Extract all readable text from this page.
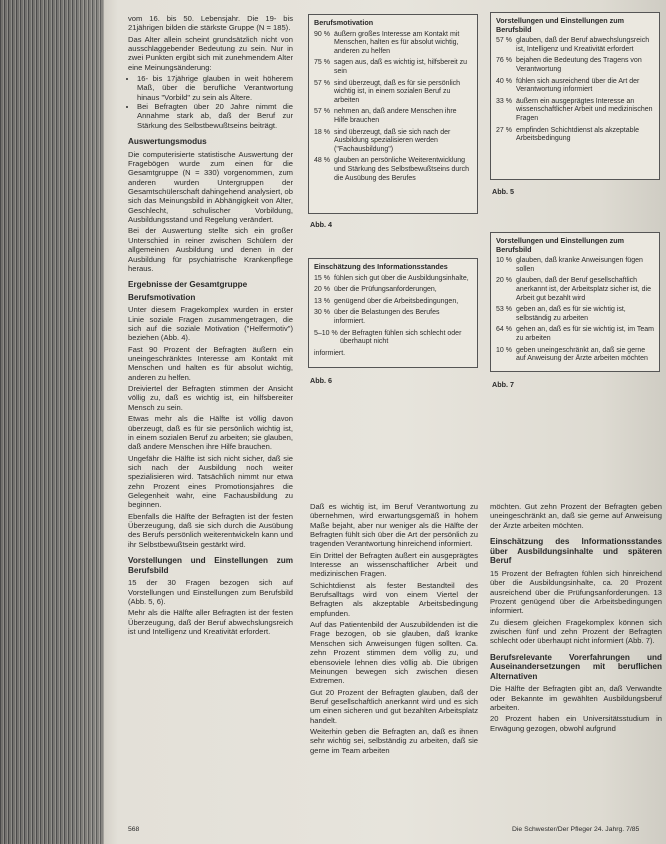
vom 16. bis 50. Lebensjahr. Die 19- bis 21jährigen bilden die stärkste Gruppe (N = 185).

Das Alter allein scheint grundsätzlich nicht von ausschlaggebender Bedeutung zu sein. Nur in zwei Punkten ergibt sich mit zunehmendem Alter eine Meinungsänderung:

• 16- bis 17jährige glauben in weit höherem Maß, über die berufliche Verantwortung hinaus "Vorbild" zu sein als Ältere.
• Bei Befragten über 20 Jahre nimmt die Annahme stark ab, daß der Beruf zur Stärkung des Selbstbewußtseins beiträgt.
Auswertungsmodus

Die computerisierte statistische Auswertung der Fragebögen wurde zum einen für die Gesamtgruppe (N = 330) vorgenommen, zum anderen wurden Untergruppen der Gesamtschülerschaft dahingehend analysiert, ob sich das Meinungsbild in Abhängigkeit von Alter, Geschlecht, schulischer Vorbildung, Ausbildungsstand und Regelung verändert.

Bei der Auswertung stellte sich ein großer Unterschied in reiner zwischen Schülern der allgemeinen Ausbildung und denen in der Ausbildung für psychiatrische Krankenpflege heraus.

Ergebnisse der Gesamtgruppe
Berufsmotivation

Unter diesem Fragekomplex wurden in erster Linie soziale Fragen zusammengetragen, die sich auf die soziale Motivation ("Helfermotiv") beziehen (Abb. 4).

Fast 90 Prozent der Befragten äußern ein uneingeschränktes Interesse am Kontakt mit Menschen und halten es für absolut wichtig, anderen zu helfen.

Dreiviertel der Befragten stimmen der Ansicht völlig zu, daß es wichtig ist, ein hilfsbereiter Mensch zu sein.

Etwas mehr als die Hälfte ist völlig davon überzeugt, daß es für sie persönlich wichtig ist, in einem sozialen Beruf zu arbeiten; sie glauben, daß andere Menschen ihre Hilfe brauchen.

Ungefähr die Hälfte ist sich nicht sicher, daß sie sich nach der Ausbildung noch weiter spezialisieren wird. Tatsächlich nimmt nur etwa zehn Prozent eines Promotionsjahres die Gelegenheit wahr, eine Fachausbildung zu beginnen.

Ebenfalls die Hälfte der Befragten ist der festen Überzeugung, daß sie sich durch die Ausübung des Berufs persönlich weiterentwickeln kann und ihr Selbstbewußtsein gestärkt wird.

Vorstellungen und Einstellungen zum Berufsbild

15 der 30 Fragen bezogen sich auf Vorstellungen und Einstellungen zum Berufsbild (Abb. 5, 6).

Mehr als die Hälfte aller Befragten ist der festen Überzeugung, daß der Beruf abwechslungsreich ist und Intelligenz und Kreativität erfordert.

Berufsmotivation
90 % äußern großes Interesse am Kontakt mit Menschen, halten es für absolut wichtig, anderen zu helfen
75 % sagen aus, daß es wichtig ist, hilfsbereit zu sein
57 % sind überzeugt, daß es für sie persönlich wichtig ist, in einem sozialen Beruf zu arbeiten
57 % nehmen an, daß andere Menschen ihre Hilfe brauchen
18 % sind überzeugt, daß sie sich nach der Ausbildung spezialisieren werden ("Fachausbildung")
48 % glauben an persönliche Weiterentwicklung und Stärkung des Selbstbewußtseins durch die Ausübung des Berufes
Abb. 4
Einschätzung des Informationsstandes
15 % fühlen sich gut über die Ausbildungsinhalte,
20 % über die Prüfungsanforderungen,
13 % genügend über die Arbeitsbedingungen,
30 % über die Belastungen des Berufes informiert.
5–10 % der Befragten fühlen sich schlecht oder überhaupt nicht
informiert.
Abb. 6
Vorstellungen und Einstellungen zum Berufsbild
57 % glauben, daß der Beruf abwechslungsreich ist, Intelligenz und Kreativität erfordert
76 % bejahen die Bedeutung des Tragens von Verantwortung
40 % fühlen sich ausreichend über die Art der Verantwortung informiert
33 % äußern ein ausgeprägtes Interesse an wissenschaftlicher Arbeit und medizinischen Fragen
27 % empfinden Schichtdienst als akzeptable Arbeitsbedingung
Abb. 5
Vorstellungen und Einstellungen zum Berufsbild
10 % glauben, daß kranke Anweisungen fügen sollen
20 % glauben, daß der Beruf gesellschaftlich anerkannt ist, der Arbeitsplatz sicher ist, die Arbeit gut bezahlt wird
53 % geben an, daß es für sie wichtig ist, selbständig zu arbeiten
64 % gehen an, daß es für sie wichtig ist, im Team zu arbeiten
10 % geben uneingeschränkt an, daß sie gerne auf Anweisung der Ärzte arbeiten möchten
Abb. 7

Daß es wichtig ist, im Beruf Verantwortung zu übernehmen, wird erwartungsgemäß in hohem Maße bejaht, aber nur weniger als die Hälfte der Befragten fühlt sich über die Art der persönlich zu tragenden Verantwortung hinreichend informiert.

Ein Drittel der Befragten äußert ein ausgeprägtes Interesse an wissenschaftlicher Arbeit und medizinischen Fragen.

Schichtdienst als fester Bestandteil des Berufsalltags wird von einem Viertel der Befragten als akzeptable Arbeitsbedingung empfunden.

Auf das Patientenbild der Auszubildenden ist die Frage bezogen, ob sie glauben, daß kranke Menschen sich Anweisungen fügen sollten. Ca. zehn Prozent stimmen dem völlig zu, und ebensoviele lehnen dies völlig ab. Die übrigen Meinungen bewegen sich zwischen diesen Extremen.

Gut 20 Prozent der Befragten glauben, daß der Beruf gesellschaftlich anerkannt wird und es sich um einen sicheren und gut bezahlten Arbeitsplatz handelt.

Weiterhin geben die Befragten an, daß es ihnen sehr wichtig sei, selbständig zu arbeiten, daß sie gerne im Team arbeiten

möchten. Gut zehn Prozent der Befragten geben uneingeschränkt an, daß sie gerne auf Anweisung der Ärzte arbeiten möchten.

Einschätzung des Informationsstandes über Ausbildungsinhalte und späteren Beruf

15 Prozent der Befragten fühlen sich hinreichend über die Ausbildungsinhalte, ca. 20 Prozent ausreichend über die Prüfungsanforderungen. 13 Prozent genügend über die Arbeitsbedingungen informiert.

Zu diesem gleichen Fragekomplex können sich zwischen fünf und zehn Prozent der Befragten schlecht oder überhaupt nicht informiert (Abb. 7).

Berufsrelevante Vorerfahrungen und Auseinandersetzungen mit beruflichen Alternativen

Die Hälfte der Befragten gibt an, daß Verwandte oder Bekannte im gewählten Ausbildungsberuf arbeiten.

20 Prozent haben ein Universitätsstudium in Erwägung gezogen, obwohl aufgrund

568	Die Schwester/Der Pfleger 24. Jahrg. 7/85
